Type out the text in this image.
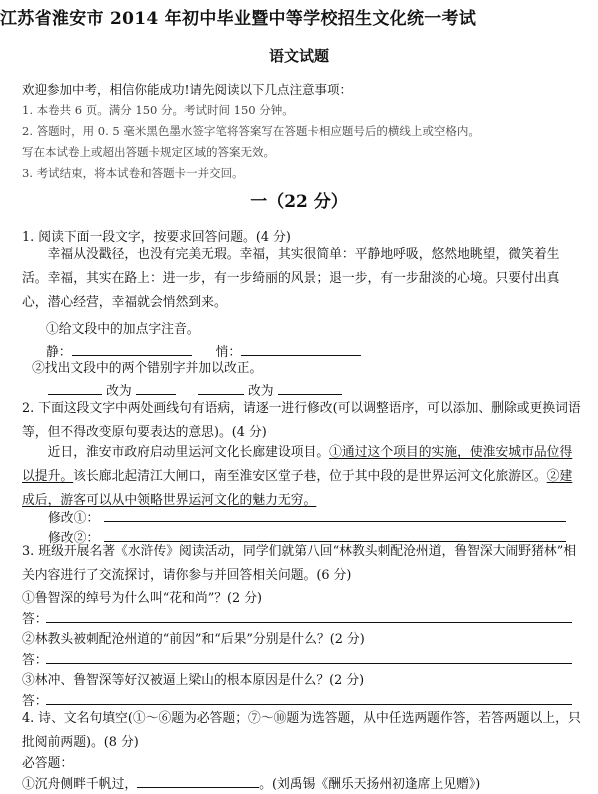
江苏省淮安市 2014 年初中毕业暨中等学校招生文化统一考试
语文试题
欢迎参加中考，相信你能成功!请先阅读以下几点注意事项：
1. 本卷共 6 页。满分 150 分。考试时间 150 分钟。
2. 答题时，用 0. 5 毫米黑色墨水签字笔将答案写在答题卡相应题号后的横线上或空格内。
写在本试卷上或超出答题卡规定区域的答案无效。
3. 考试结束，将本试卷和答题卡一并交回。
一（22 分）
1. 阅读下面一段文字，按要求回答问题。(4 分)
幸福从没戳径，也没有完美无瑕。幸福，其实很简单：平静地呼吸，悠然地眺望，微笑着生活。幸福，其实在路上：进一步，有一步绮丽的风景；退一步，有一步甜淡的心境。只要付出真心，潜心经营，幸福就会悄然到来。
①给文段中的加点字注音。
静：	悄：
②找出文段中的两个错别字并加以改正。
改为	改为
2. 下面这段文字中两处画线句有语病，请逐一进行修改(可以调整语序，可以添加、删除或更换词语等，但不得改变原句要表达的意思)。(4 分)
近日，淮安市政府启动里运河文化长廊建设项目。①通过这个项目的实施，使淮安城市品位得以提升。该长廊北起清江大闸口，南至淮安区堂子巷，位于其中段的是世界运河文化旅游区。②建成后，游客可以从中领略世界运河文化的魅力无穷。
修改①：
修改②：
3. 班级开展名著《水浒传》阅读活动，同学们就第八回“林教头刺配沧州道，鲁智深大闹野猪林”相关内容进行了交流探讨，请你参与并回答相关问题。(6 分)
①鲁智深的绰号为什么叫“花和尚”？(2 分)
答：
②林教头被刺配沧州道的“前因”和“后果”分别是什么？(2 分)
答：
③林冲、鲁智深等好汉被逼上梁山的根本原因是什么？(2 分)
答：
4. 诗、文名句填空(①～⑥题为必答题；⑦～⑩题为选答题，从中任选两题作答，若答两题以上，只批阅前两题)。(8 分)
必答题：
①沉舟侧畔千帆过，	。(刘禹锡《酬乐天扬州初逢席上见赠》)
